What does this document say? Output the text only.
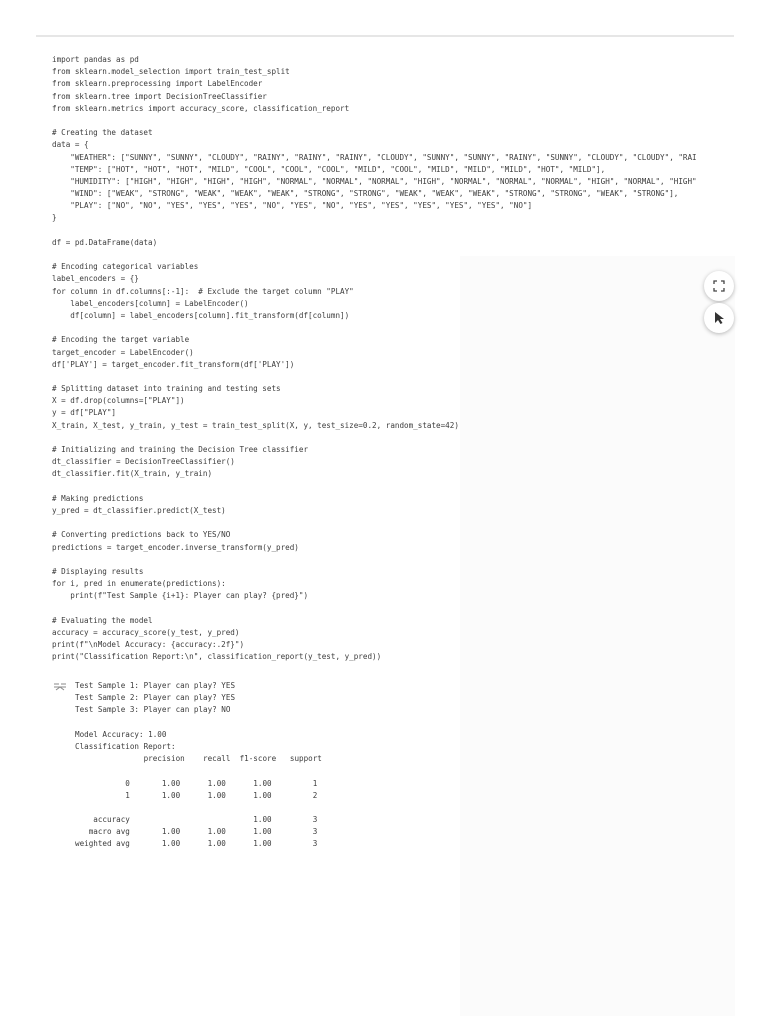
import pandas as pd
from sklearn.model_selection import train_test_split
from sklearn.preprocessing import LabelEncoder
from sklearn.tree import DecisionTreeClassifier
from sklearn.metrics import accuracy_score, classification_report
# Creating the dataset
data = {
"WEATHER": ["SUNNY", "SUNNY", "CLOUDY", "RAINY", "RAINY", "RAINY", "CLOUDY", "SUNNY", "SUNNY", "RAINY", "SUNNY", "CLOUDY", "CLOUDY", "RAI
"TEMP": ["HOT", "HOT", "HOT", "MILD", "COOL", "COOL", "COOL", "MILD", "COOL", "MILD", "MILD", "MILD", "HOT", "MILD"],
"HUMIDITY": ["HIGH", "HIGH", "HIGH", "HIGH", "NORMAL", "NORMAL", "NORMAL", "HIGH", "NORMAL", "NORMAL", "NORMAL", "HIGH", "NORMAL", "HIGH"
"WIND": ["WEAK", "STRONG", "WEAK", "WEAK", "WEAK", "STRONG", "STRONG", "WEAK", "WEAK", "WEAK", "STRONG", "STRONG", "WEAK", "STRONG"],
"PLAY": ["NO", "NO", "YES", "YES", "YES", "NO", "YES", "NO", "YES", "YES", "YES", "YES", "YES", "NO"]
}
df = pd.DataFrame(data)
# Encoding categorical variables
label_encoders = {}
for column in df.columns[:-1]:  # Exclude the target column "PLAY"
label_encoders[column] = LabelEncoder()
df[column] = label_encoders[column].fit_transform(df[column])
# Encoding the target variable
target_encoder = LabelEncoder()
df['PLAY'] = target_encoder.fit_transform(df['PLAY'])
# Splitting dataset into training and testing sets
X = df.drop(columns=["PLAY"])
y = df["PLAY"]
X_train, X_test, y_train, y_test = train_test_split(X, y, test_size=0.2, random_state=42)
# Initializing and training the Decision Tree classifier
dt_classifier = DecisionTreeClassifier()
dt_classifier.fit(X_train, y_train)
# Making predictions
y_pred = dt_classifier.predict(X_test)
# Converting predictions back to YES/NO
predictions = target_encoder.inverse_transform(y_pred)
# Displaying results
for i, pred in enumerate(predictions):
print(f"Test Sample {i+1}: Player can play? {pred}")
# Evaluating the model
accuracy = accuracy_score(y_test, y_pred)
print(f"\nModel Accuracy: {accuracy:.2f}")
print("Classification Report:\n", classification_report(y_test, y_pred))
Test Sample 1: Player can play? YES
Test Sample 2: Player can play? YES
Test Sample 3: Player can play? NO
Model Accuracy: 1.00
Classification Report:
precision    recall  f1-score   support
0       1.00      1.00      1.00         1
1       1.00      1.00      1.00         2
accuracy                           1.00         3
macro avg       1.00      1.00      1.00         3
weighted avg       1.00      1.00      1.00         3
